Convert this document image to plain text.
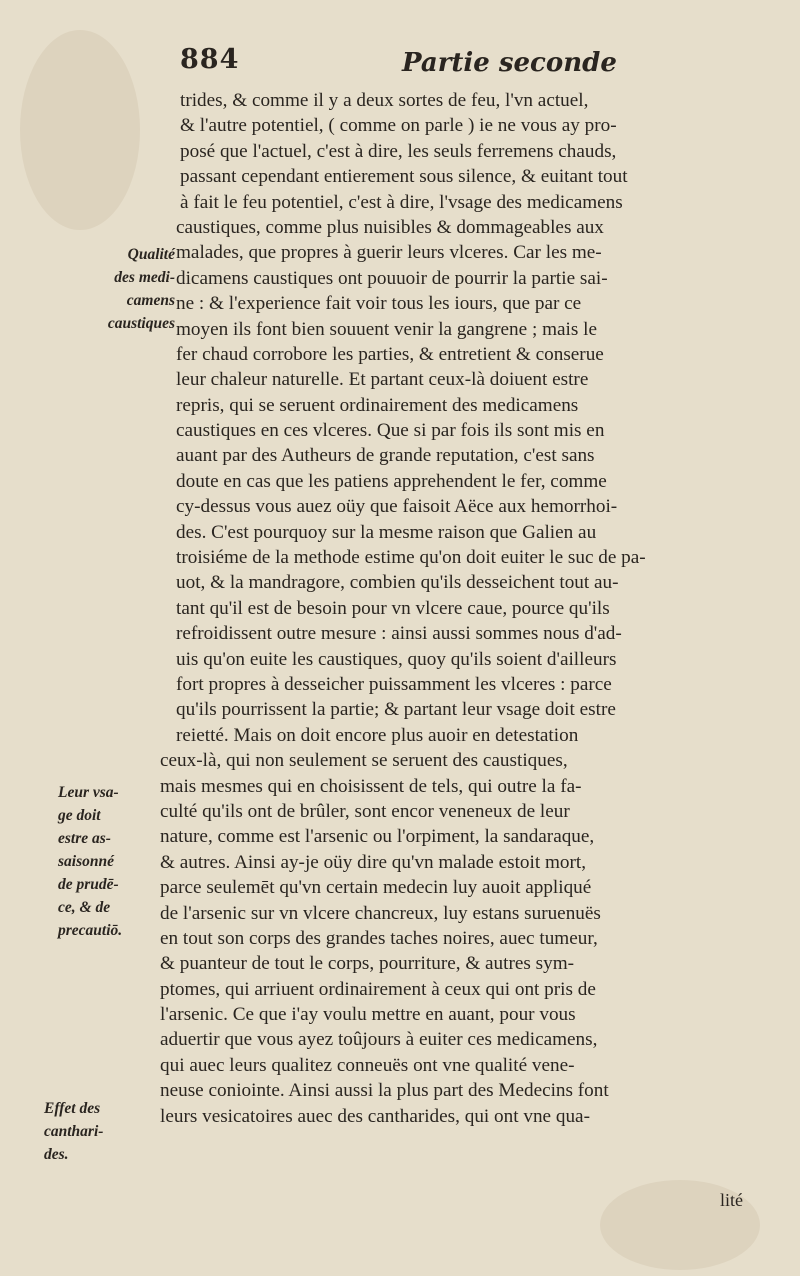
884	Partie seconde
Qualité
des medi-
camens
caustiques
Leur vsa-
ge doit
estre as-
saisonné
de prudē-
ce, & de
precautiō.
Effet des
canthari-
des.
trides, & comme il y a deux sortes de feu, l'vn actuel,
& l'autre potentiel, ( comme on parle ) ie ne vous ay pro-
posé que l'actuel, c'est à dire, les seuls ferremens chauds,
passant cependant entierement sous silence, & euitant tout
à fait le feu potentiel, c'est à dire, l'vsage des medicamens
caustiques, comme plus nuisibles & dommageables aux
malades, que propres à guerir leurs vlceres. Car les me-
dicamens caustiques ont pouuoir de pourrir la partie sai-
ne : & l'experience fait voir tous les iours, que par ce
moyen ils font bien souuent venir la gangrene ; mais le
fer chaud corrobore les parties, & entretient & conserue
leur chaleur naturelle. Et partant ceux-là doiuent estre
repris, qui se seruent ordinairement des medicamens
caustiques en ces vlceres. Que si par fois ils sont mis en
auant par des Autheurs de grande reputation, c'est sans
doute en cas que les patiens apprehendent le fer, comme
cy-dessus vous auez oüy que faisoit Aëce aux hemorrhoi-
des. C'est pourquoy sur la mesme raison que Galien au
troisiéme de la methode estime qu'on doit euiter le suc de pa-
uot, & la mandragore, combien qu'ils desseichent tout au-
tant qu'il est de besoin pour vn vlcere caue, pource qu'ils
refroidissent outre mesure : ainsi aussi sommes nous d'ad-
uis qu'on euite les caustiques, quoy qu'ils soient d'ailleurs
fort propres à desseicher puissamment les vlceres : parce
qu'ils pourrissent la partie; & partant leur vsage doit estre
reietté. Mais on doit encore plus auoir en detestation
ceux-là, qui non seulement se seruent des caustiques,
mais mesmes qui en choisissent de tels, qui outre la fa-
culté qu'ils ont de brûler, sont encor veneneux de leur
nature, comme est l'arsenic ou l'orpiment, la sandaraque,
& autres. Ainsi ay-je oüy dire qu'vn malade estoit mort,
parce seulemēt qu'vn certain medecin luy auoit appliqué
de l'arsenic sur vn vlcere chancreux, luy estans suruenuës
en tout son corps des grandes taches noires, auec tumeur,
& puanteur de tout le corps, pourriture, & autres sym-
ptomes, qui arriuent ordinairement à ceux qui ont pris de
l'arsenic. Ce que i'ay voulu mettre en auant, pour vous
aduertir que vous ayez toûjours à euiter ces medicamens,
qui auec leurs qualitez conneuës ont vne qualité vene-
neuse coniointe. Ainsi aussi la plus part des Medecins font
leurs vesicatoires auec des cantharides, qui ont vne qua-
lité
